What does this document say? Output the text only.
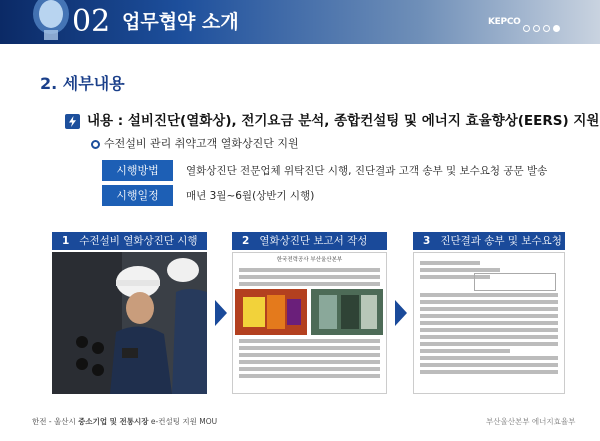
02 업무협약 소개	KEPCO
2. 세부내용
내용 : 설비진단(열화상), 전기요금 분석, 종합컨설팅 및 에너지 효율향상(EERS) 지원
수전설비 관리 취약고객 열화상진단 지원
시행방법	열화상진단 전문업체 위탁진단 시행, 진단결과 고객 송부 및 보수요청 공문 발송
시행일정	매년 3월~6월(상반기 시행)
1 수전설비 열화상진단 시행	2 열화상진단 보고서 작성
한국전력공사 부산울산본부
3 진단결과 송부 및 보수요청
한전 - 울산시 중소기업 및 전통시장 e-컨설팅 지원 MOU	부산울산본부 에너지효율부
